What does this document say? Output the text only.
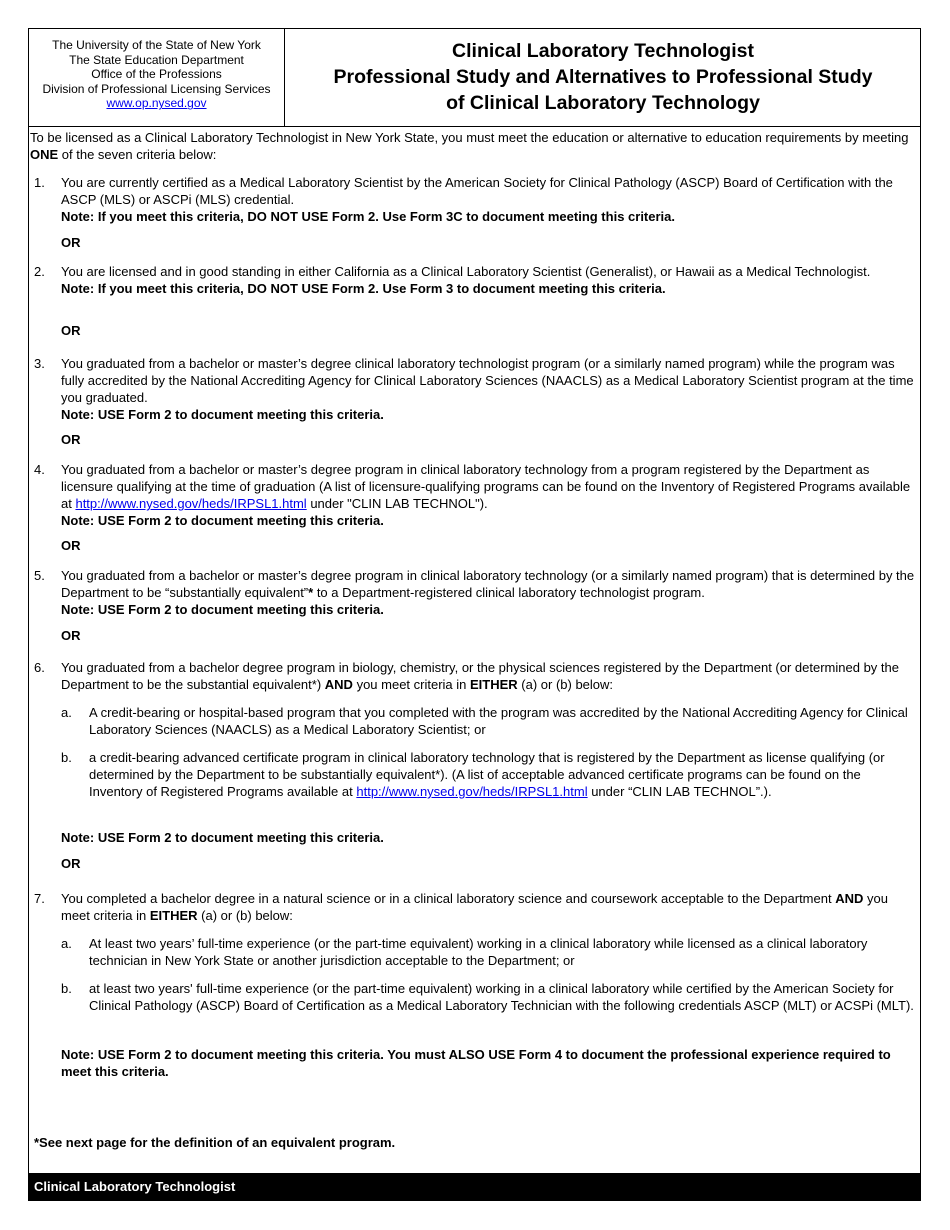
The University of the State of New York
The State Education Department
Office of the Professions
Division of Professional Licensing Services
www.op.nysed.gov
Clinical Laboratory Technologist
Professional Study and Alternatives to Professional Study
of Clinical Laboratory Technology
To be licensed as a Clinical Laboratory Technologist in New York State, you must meet the education or alternative to education requirements by meeting ONE of the seven criteria below:
1. You are currently certified as a Medical Laboratory Scientist by the American Society for Clinical Pathology (ASCP) Board of Certification with the ASCP (MLS) or ASCPi (MLS) credential.
Note: If you meet this criteria, DO NOT USE Form 2. Use Form 3C to document meeting this criteria.
OR
2. You are licensed and in good standing in either California as a Clinical Laboratory Scientist (Generalist), or Hawaii as a Medical Technologist.
Note: If you meet this criteria, DO NOT USE Form 2. Use Form 3 to document meeting this criteria.
OR
3. You graduated from a bachelor or master’s degree clinical laboratory technologist program (or a similarly named program) while the program was fully accredited by the National Accrediting Agency for Clinical Laboratory Sciences (NAACLS) as a Medical Laboratory Scientist program at the time you graduated.
Note: USE Form 2 to document meeting this criteria.
OR
4. You graduated from a bachelor or master’s degree program in clinical laboratory technology from a program registered by the Department as licensure qualifying at the time of graduation (A list of licensure-qualifying programs can be found on the Inventory of Registered Programs available at http://www.nysed.gov/heds/IRPSL1.html under "CLIN LAB TECHNOL").
Note: USE Form 2 to document meeting this criteria.
OR
5. You graduated from a bachelor or master’s degree program in clinical laboratory technology (or a similarly named program) that is determined by the Department to be “substantially equivalent”* to a Department-registered clinical laboratory technologist program.
Note: USE Form 2 to document meeting this criteria.
OR
6. You graduated from a bachelor degree program in biology, chemistry, or the physical sciences registered by the Department (or determined by the Department to be the substantial equivalent*) AND you meet criteria in EITHER (a) or (b) below:
a. A credit-bearing or hospital-based program that you completed with the program was accredited by the National Accrediting Agency for Clinical Laboratory Sciences (NAACLS) as a Medical Laboratory Scientist; or
b. a credit-bearing advanced certificate program in clinical laboratory technology that is registered by the Department as license qualifying (or determined by the Department to be substantially equivalent*). (A list of acceptable advanced certificate programs can be found on the Inventory of Registered Programs available at http://www.nysed.gov/heds/IRPSL1.html under “CLIN LAB TECHNOL”.).
Note: USE Form 2 to document meeting this criteria.
OR
7. You completed a bachelor degree in a natural science or in a clinical laboratory science and coursework acceptable to the Department AND you meet criteria in EITHER (a) or (b) below:
a. At least two years’ full-time experience (or the part-time equivalent) working in a clinical laboratory while licensed as a clinical laboratory technician in New York State or another jurisdiction acceptable to the Department; or
b. at least two years' full-time experience (or the part-time equivalent) working in a clinical laboratory while certified by the American Society for Clinical Pathology (ASCP) Board of Certification as a Medical Laboratory Technician with the following credentials ASCP (MLT) or ACSPi (MLT).
Note: USE Form 2 to document meeting this criteria. You must ALSO USE Form 4 to document the professional experience required to meet this criteria.
*See next page for the definition of an equivalent program.
Clinical Laboratory Technologist
